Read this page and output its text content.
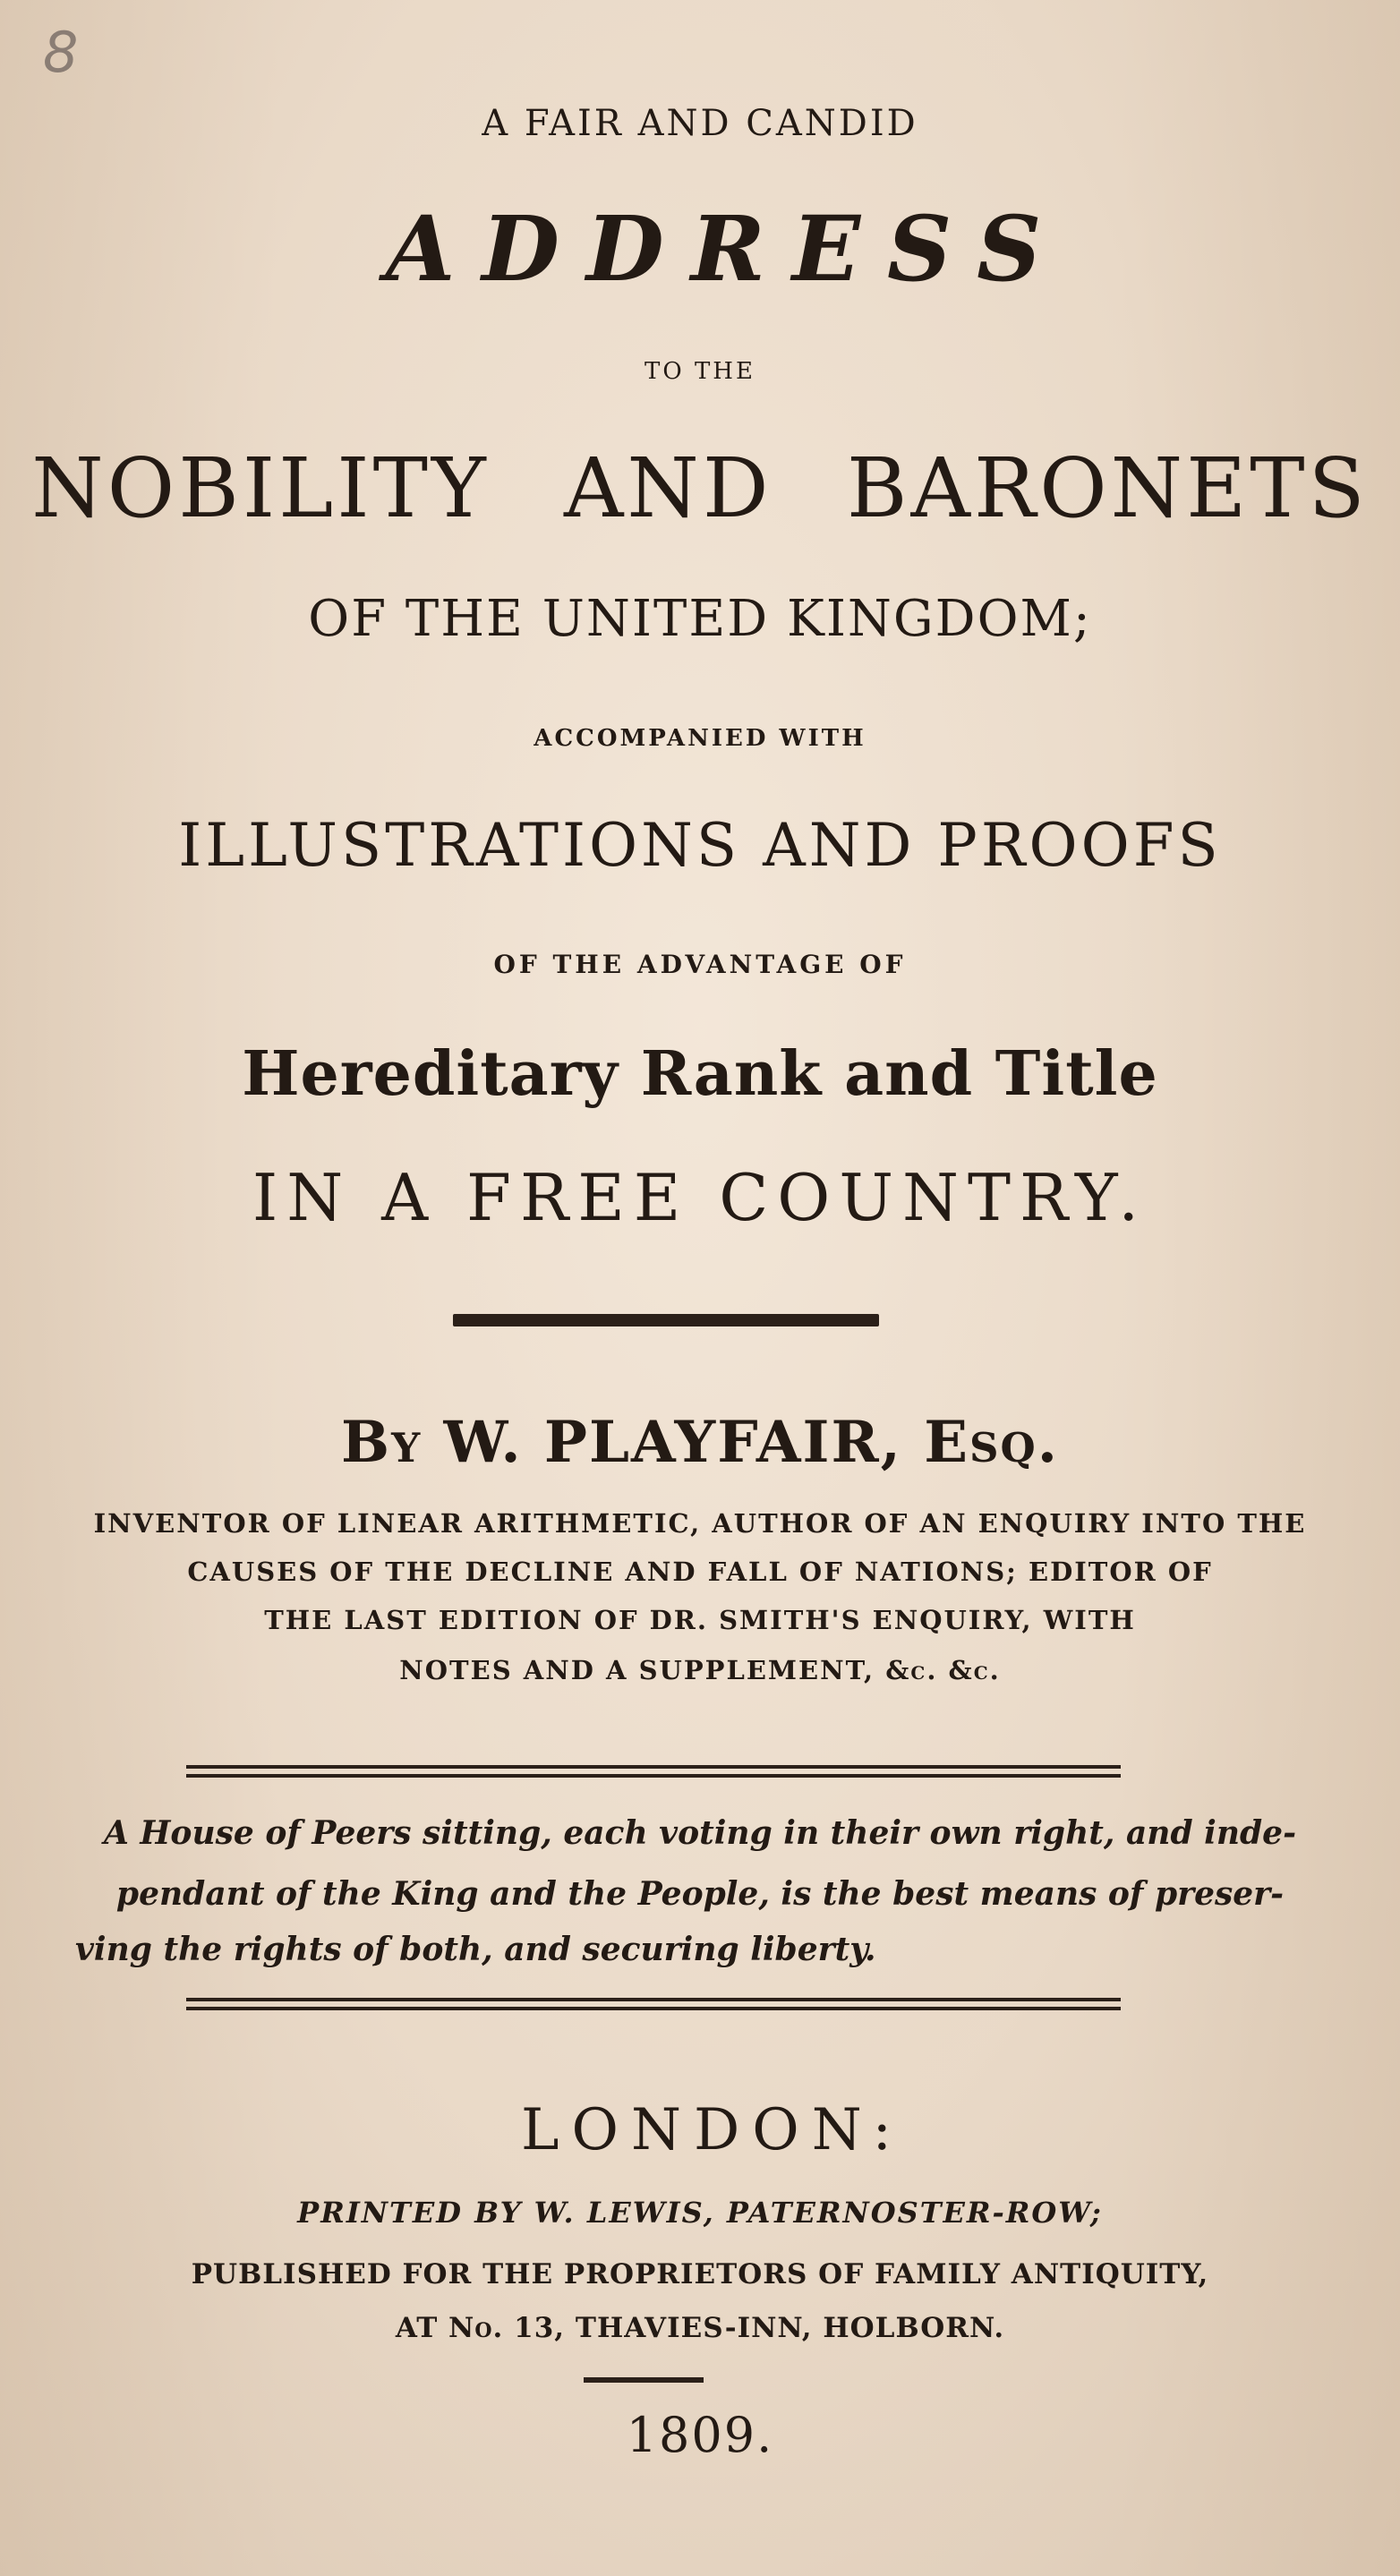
8
A FAIR AND CANDID
ADDRESS
TO THE
NOBILITY AND BARONETS
OF THE UNITED KINGDOM;
ACCOMPANIED WITH
ILLUSTRATIONS AND PROOFS
OF THE ADVANTAGE OF
Hereditary Rank and Title
IN A FREE COUNTRY.
By W. PLAYFAIR, Esq.
INVENTOR OF LINEAR ARITHMETIC, AUTHOR OF AN ENQUIRY INTO THE
CAUSES OF THE DECLINE AND FALL OF NATIONS; EDITOR OF
THE LAST EDITION OF DR. SMITH'S ENQUIRY, WITH
NOTES AND A SUPPLEMENT, &c. &c.
A House of Peers sitting, each voting in their own right, and inde-
pendant of the King and the People, is the best means of preser-
ving the rights of both, and securing liberty.
LONDON:
PRINTED BY W. LEWIS, PATERNOSTER-ROW;
PUBLISHED FOR THE PROPRIETORS OF FAMILY ANTIQUITY,
AT No. 13, THAVIES-INN, HOLBORN.
1809.
